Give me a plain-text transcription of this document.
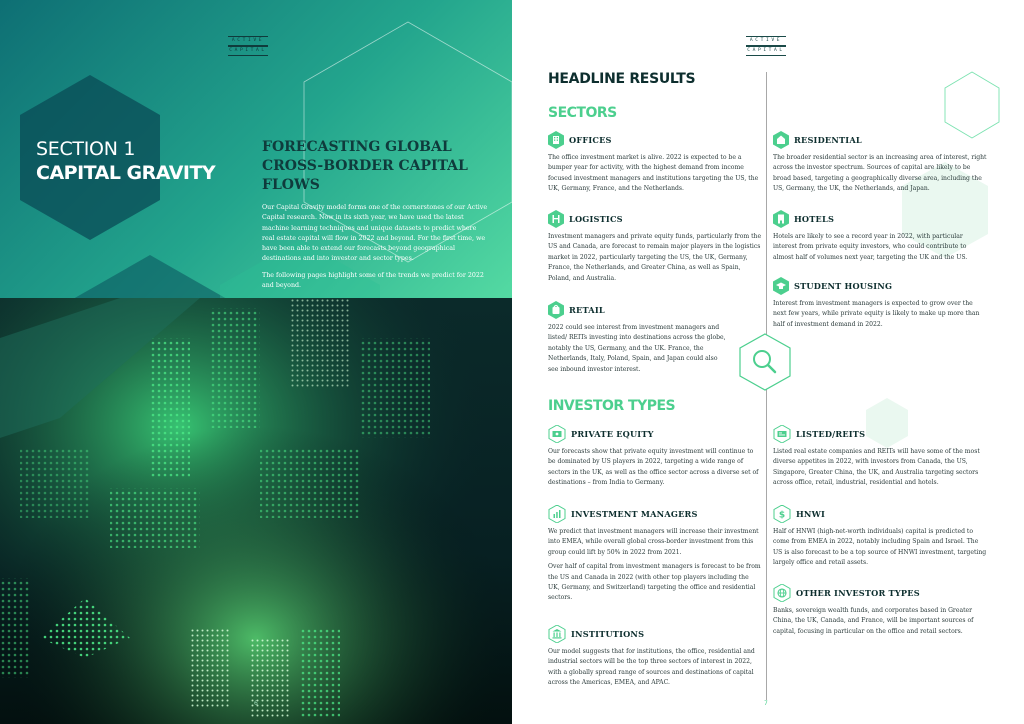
ACTIVE
CAPITAL
SECTION 1
CAPITAL GRAVITY
FORECASTING GLOBAL CROSS-BORDER CAPITAL FLOWS

Our Capital Gravity model forms one of the cornerstones of our Active Capital research. Now in its sixth year, we have used the latest machine learning techniques and unique datasets to predict where real estate capital will flow in 2022 and beyond. For the first time, we have been able to extend our forecasts beyond geographical destinations and into investor and sector types.

The following pages highlight some of the trends we predict for 2022 and beyond.

6
ACTIVE
CAPITAL
HEADLINE RESULTS
SECTORS
INVESTOR TYPES
OFFICES

The office investment market is alive. 2022 is expected to be a bumper year for activity, with the highest demand from income focused investment managers and institutions targeting the US, the UK, Germany, France, and the Netherlands.

LOGISTICS

Investment managers and private equity funds, particularly from the US and Canada, are forecast to remain major players in the logistics market in 2022, particularly targeting the US, the UK, Germany, France, the Netherlands, and Greater China, as well as Spain, Poland, and Australia.

RETAIL

2022 could see interest from investment managers and listed/ REITs investing into destinations across the globe, notably the US, Germany, and the UK. France, the Netherlands, Italy, Poland, Spain, and Japan could also see inbound investor interest.

RESIDENTIAL

The broader residential sector is an increasing area of interest, right across the investor spectrum. Sources of capital are likely to be broad based, targeting a geographically diverse area, including the US, Germany, the UK, the Netherlands, and Japan.

HOTELS

Hotels are likely to see a record year in 2022, with particular interest from private equity investors, who could contribute to almost half of volumes next year, targeting the UK and the US.

STUDENT HOUSING

Interest from investment managers is expected to grow over the next few years, while private equity is likely to make up more than half of investment demand in 2022.

PRIVATE EQUITY

Our forecasts show that private equity investment will continue to be dominated by US players in 2022, targeting a wide range of sectors in the UK, as well as the office sector across a diverse set of destinations – from India to Germany.

INVESTMENT MANAGERS

We predict that investment managers will increase their investment into EMEA, while overall global cross-border investment from this group could lift by 50% in 2022 from 2021.

Over half of capital from investment managers is forecast to be from the US and Canada in 2022 (with other top players including the UK, Germany, and Switzerland) targeting the office and residential sectors.

INSTITUTIONS

Our model suggests that for institutions, the office, residential and industrial sectors will be the top three sectors of interest in 2022, with a globally spread range of sources and destinations of capital across the Americas, EMEA, and APAC.

LISTED/REITS

Listed real estate companies and REITs will have some of the most diverse appetites in 2022, with investors from Canada, the US, Singapore, Greater China, the UK, and Australia targeting sectors across office, retail, industrial, residential and hotels.

$ HNWI

Half of HNWI (high-net-worth individuals) capital is predicted to come from EMEA in 2022, notably including Spain and Israel. The US is also forecast to be a top source of HNWI investment, targeting largely office and retail assets.

OTHER INVESTOR TYPES

Banks, sovereign wealth funds, and corporates based in Greater China, the UK, Canada, and France, will be important sources of capital, focusing in particular on the office and retail sectors.

7
